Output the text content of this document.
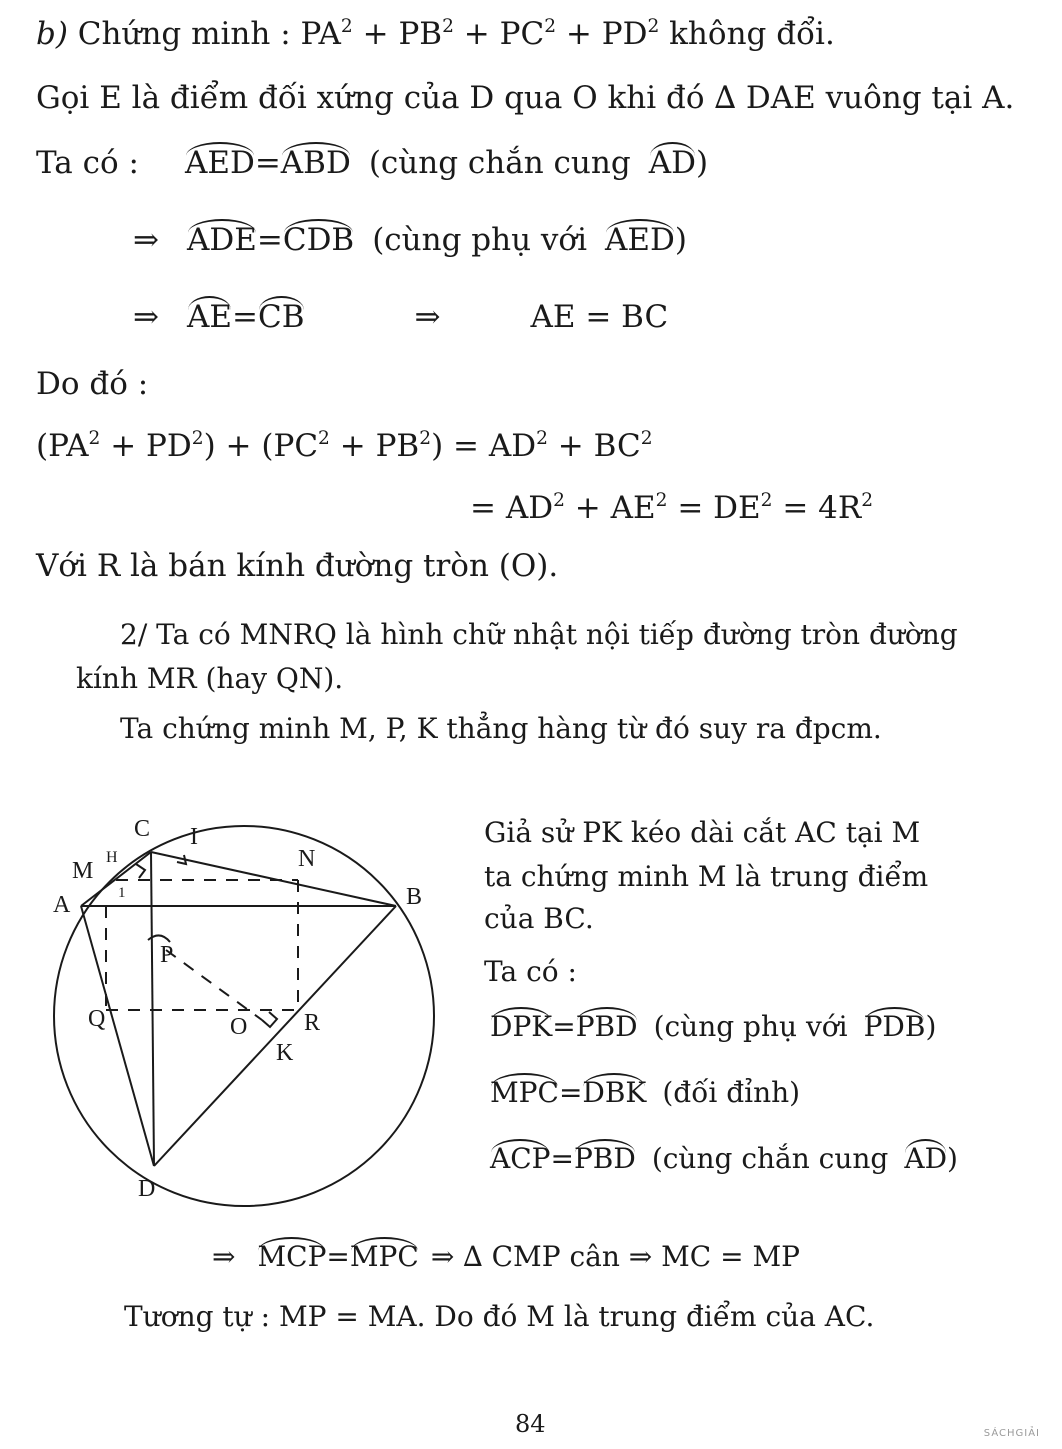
b) Chứng minh : $PA^2 + PB^2 + PC^2 + PD^2$ không đổi.
Gọi E là điểm đối xứng của D qua O khi đó ∆ DAE vuông tại A.
Ta có : AED=ABD (cùng chắn cung AD)
⇒ ADE=CDB (cùng phụ với AED)
⇒ AE=CB	⇒	AE = BC
Do đó :
$(PA^2 + PD^2) + (PC^2 + PB^2) = AD^2 + BC^2$
= $AD^2 + AE^2 = DE^2 = 4R^2$
Với R là bán kính đường tròn (O).
2/ Ta có MNRQ là hình chữ nhật nội tiếp đường tròn đường
kính MR (hay QN).
Ta chứng minh M, P, K thẳng hàng từ đó suy ra đpcm.
C I
M
H	N
A	B
1
P
Q	O R
K
D
Giả sử PK kéo dài cắt AC tại M
ta chứng minh M là trung điểm
của BC.
Ta có :
DPK=PBD (cùng phụ với PDB)
MPC=DBK (đối đỉnh)
ACP=PBD (cùng chắn cung AD)
⇒ MCP=MPC ⇒ ∆ CMP cân ⇒ MC = MP
Tương tự : MP = MA. Do đó M là trung điểm của AC.
84	SÁCHGIẢI
